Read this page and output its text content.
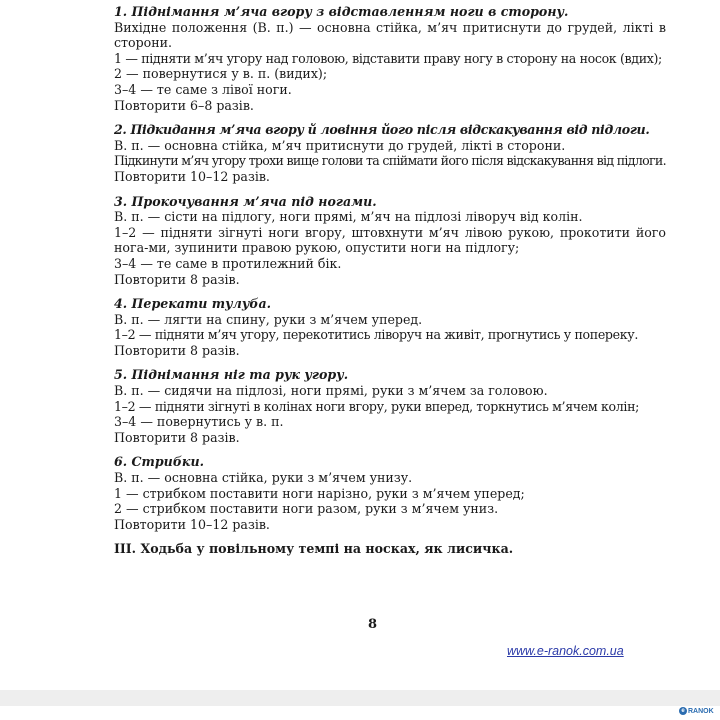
1. Піднімання м’яча вгору з відставленням ноги в сторону.
Вихідне положення (В. п.) — основна стійка, м’яч притиснути до грудей, лікті в сторони.
1 — підняти м’яч угору над головою, відставити праву ногу в сторону на носок (вдих);
2 — повернутися у в. п. (видих);
3–4 — те саме з лівої ноги.
Повторити 6–8 разів.
2. Підкидання м’яча вгору й ловіння його після відскакування від підлоги.
В. п. — основна стійка, м’яч притиснути до грудей, лікті в сторони.
Підкинути м’яч угору трохи вище голови та спіймати його після відскакування від підлоги.
Повторити 10–12 разів.
3. Прокочування м’яча під ногами.
В. п. — сісти на підлогу, ноги прямі, м’яч на підлозі ліворуч від колін.
1–2 — підняти зігнуті ноги вгору, штовхнути м’яч лівою рукою, прокотити його нога-ми, зупинити правою рукою, опустити ноги на підлогу;
3–4 — те саме в протилежний бік.
Повторити 8 разів.
4. Перекати тулуба.
В. п. — лягти на спину, руки з м’ячем уперед.
1–2 — підняти м’яч угору, перекотитись ліворуч на живіт, прогнутись у попереку.
Повторити 8 разів.
5. Піднімання ніг та рук угору.
В. п. — сидячи на підлозі, ноги прямі, руки з м’ячем за головою.
1–2 — підняти зігнуті в колінах ноги вгору, руки вперед, торкнутись м’ячем колін;
3–4 — повернутись у в. п.
Повторити 8 разів.
6. Стрибки.
В. п. — основна стійка, руки з м’ячем унизу.
1 — стрибком поставити ноги нарізно, руки з м’ячем уперед;
2 — стрибком поставити ноги разом, руки з м’ячем униз.
Повторити 10–12 разів.
III. Ходьба у повільному темпі на носках, як лисичка.
8
www.e-ranok.com.ua
e RANOK
